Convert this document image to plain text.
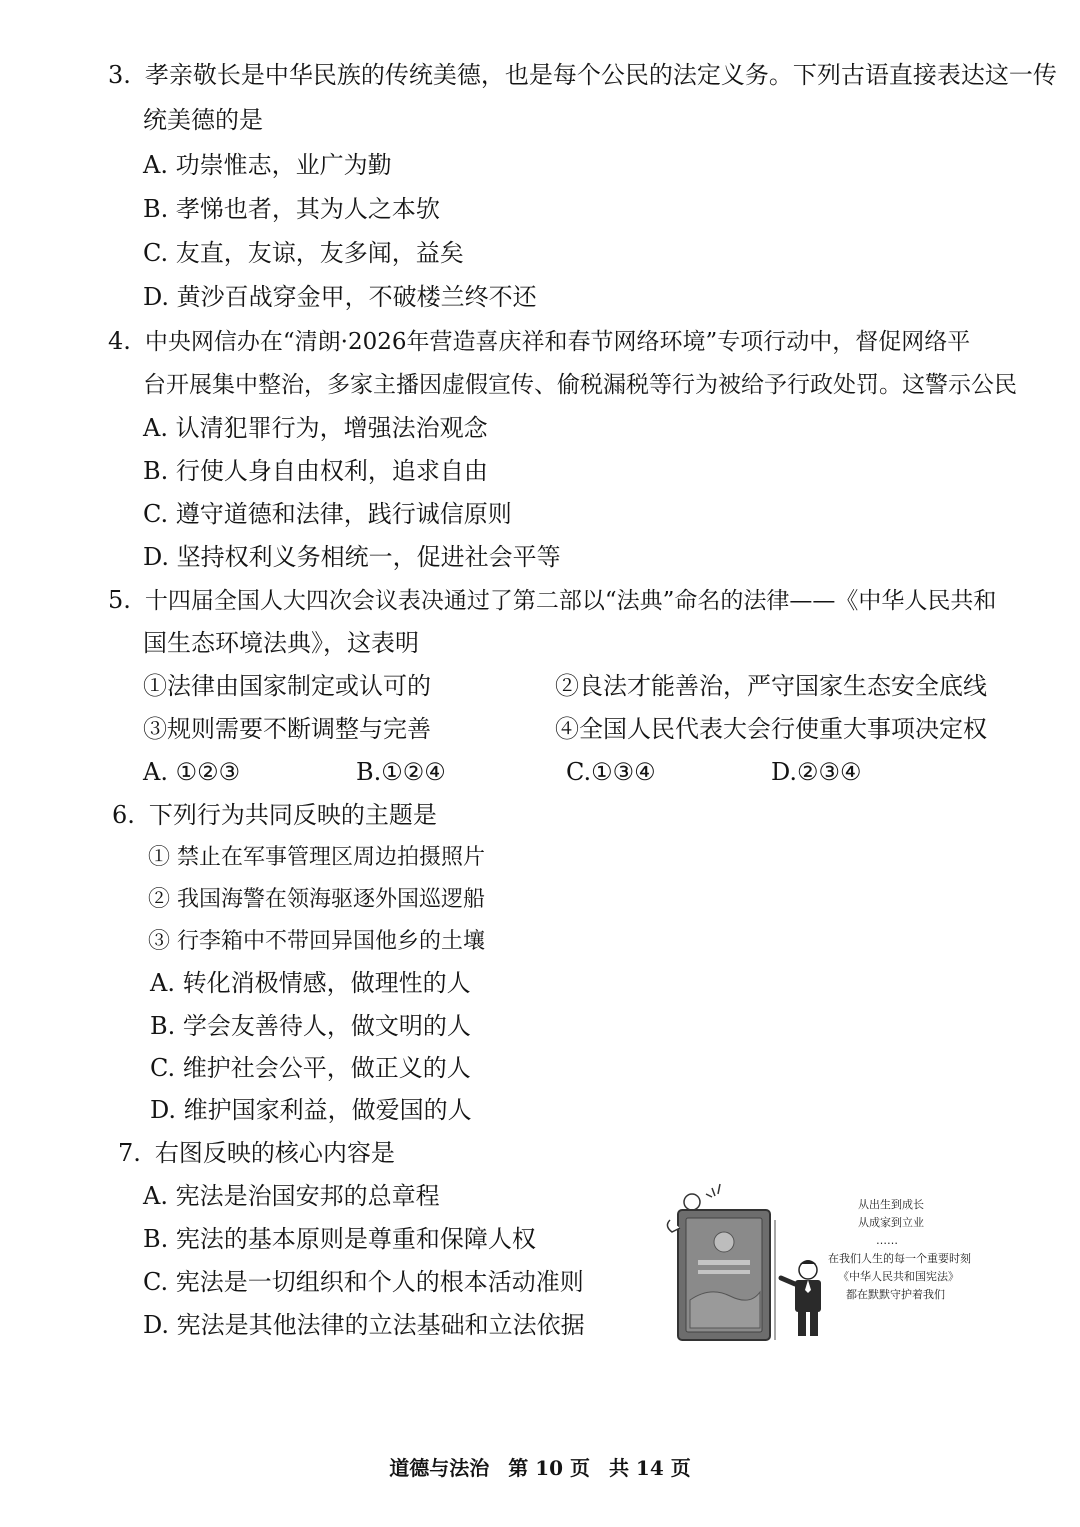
3. 孝亲敬长是中华民族的传统美德，也是每个公民的法定义务。下列古语直接表达这一传
统美德的是
A. 功崇惟志，业广为勤
B. 孝悌也者，其为人之本欤
C. 友直，友谅，友多闻，益矣
D. 黄沙百战穿金甲，不破楼兰终不还
4. 中央网信办在“清朗·2026年营造喜庆祥和春节网络环境”专项行动中，督促网络平
台开展集中整治，多家主播因虚假宣传、偷税漏税等行为被给予行政处罚。这警示公民
A. 认清犯罪行为，增强法治观念
B. 行使人身自由权利，追求自由
C. 遵守道德和法律，践行诚信原则
D. 坚持权利义务相统一，促进社会平等
5. 十四届全国人大四次会议表决通过了第二部以“法典”命名的法律——《中华人民共和
国生态环境法典》，这表明
①法律由国家制定或认可的	②良法才能善治，严守国家生态安全底线
③规则需要不断调整与完善	④全国人民代表大会行使重大事项决定权
A. ①②③	B.①②④	C.①③④	D.②③④
6. 下列行为共同反映的主题是
① 禁止在军事管理区周边拍摄照片
② 我国海警在领海驱逐外国巡逻船
③ 行李箱中不带回异国他乡的土壤
A. 转化消极情感，做理性的人
B. 学会友善待人，做文明的人
C. 维护社会公平，做正义的人
D. 维护国家利益，做爱国的人
7. 右图反映的核心内容是
A. 宪法是治国安邦的总章程
B. 宪法的基本原则是尊重和保障人权
C. 宪法是一切组织和个人的根本活动准则
D. 宪法是其他法律的立法基础和立法依据
从出生到成长
从成家到立业
……
在我们人生的每一个重要时刻
《中华人民共和国宪法》
都在默默守护着我们
道德与法治 第 10 页 共 14 页
